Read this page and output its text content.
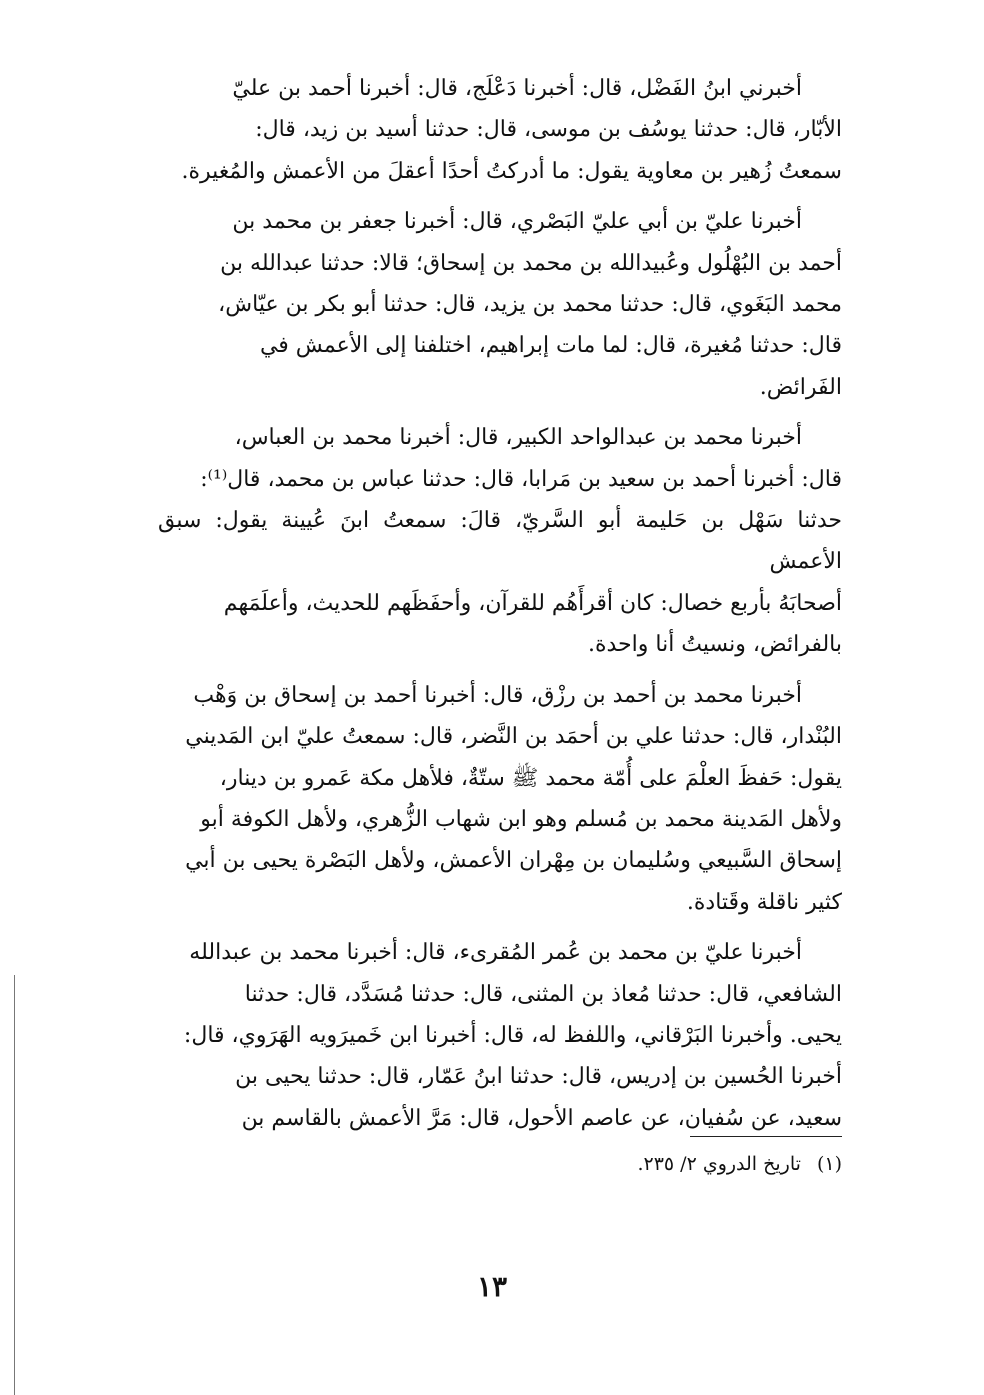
أخبرني ابنُ الفَضْل، قال: أخبرنا دَعْلَج، قال: أخبرنا أحمد بن عليّ
الأبّار، قال: حدثنا يوسُف بن موسى، قال: حدثنا أسيد بن زيد، قال:
سمعتُ زُهير بن معاوية يقول: ما أدركتُ أحدًا أعقلَ من الأعمش والمُغيرة.

أخبرنا عليّ بن أبي عليّ البَصْري، قال: أخبرنا جعفر بن محمد بن
أحمد بن البُهْلُول وعُبيدالله بن محمد بن إسحاق؛ قالا: حدثنا عبدالله بن
محمد البَغَوي، قال: حدثنا محمد بن يزيد، قال: حدثنا أبو بكر بن عيّاش،
قال: حدثنا مُغيرة، قال: لما مات إبراهيم، اختلفنا إلى الأعمش في
الفَرائض.

أخبرنا محمد بن عبدالواحد الكبير، قال: أخبرنا محمد بن العباس،
قال: أخبرنا أحمد بن سعيد بن مَرابا، قال: حدثنا عباس بن محمد، قال⁽¹⁾:
حدثنا سَهْل بن حَليمة أبو السَّريّ، قالَ: سمعتُ ابنَ عُيينة يقول: سبق الأعمش
أصحابَهُ بأربع خصال: كان أقرأَهُم للقرآن، وأحفَظَهم للحديث، وأعلَمَهم
بالفرائض، ونسيتُ أنا واحدة.

أخبرنا محمد بن أحمد بن رزْق، قال: أخبرنا أحمد بن إسحاق بن وَهْب
البُنْدار، قال: حدثنا علي بن أحمَد بن النَّضر، قال: سمعتُ عليّ ابن المَديني
يقول: حَفظَ العلْمَ على أُمّة محمد ﷺ ستّةٌ، فلأهل مكة عَمرو بن دينار،
ولأهل المَدينة محمد بن مُسلم وهو ابن شهاب الزُّهري، ولأهل الكوفة أبو
إسحاق السَّبيعي وسُليمان بن مِهْران الأعمش، ولأهل البَصْرة يحيى بن أبي
كثير ناقلة وقَتادة.

أخبرنا عليّ بن محمد بن عُمر المُقرىء، قال: أخبرنا محمد بن عبدالله
الشافعي، قال: حدثنا مُعاذ بن المثنى، قال: حدثنا مُسَدَّد، قال: حدثنا
يحيى. وأخبرنا البَرْقاني، واللفظ له، قال: أخبرنا ابن خَميرَويه الهَرَوي، قال:
أخبرنا الحُسين بن إدريس، قال: حدثنا ابنُ عَمّار، قال: حدثنا يحيى بن
سعيد، عن سُفيان، عن عاصم الأحول، قال: مَرَّ الأعمش بالقاسم بن

(١)تاريخ الدروي ٢/ ٢٣٥.
١٣
